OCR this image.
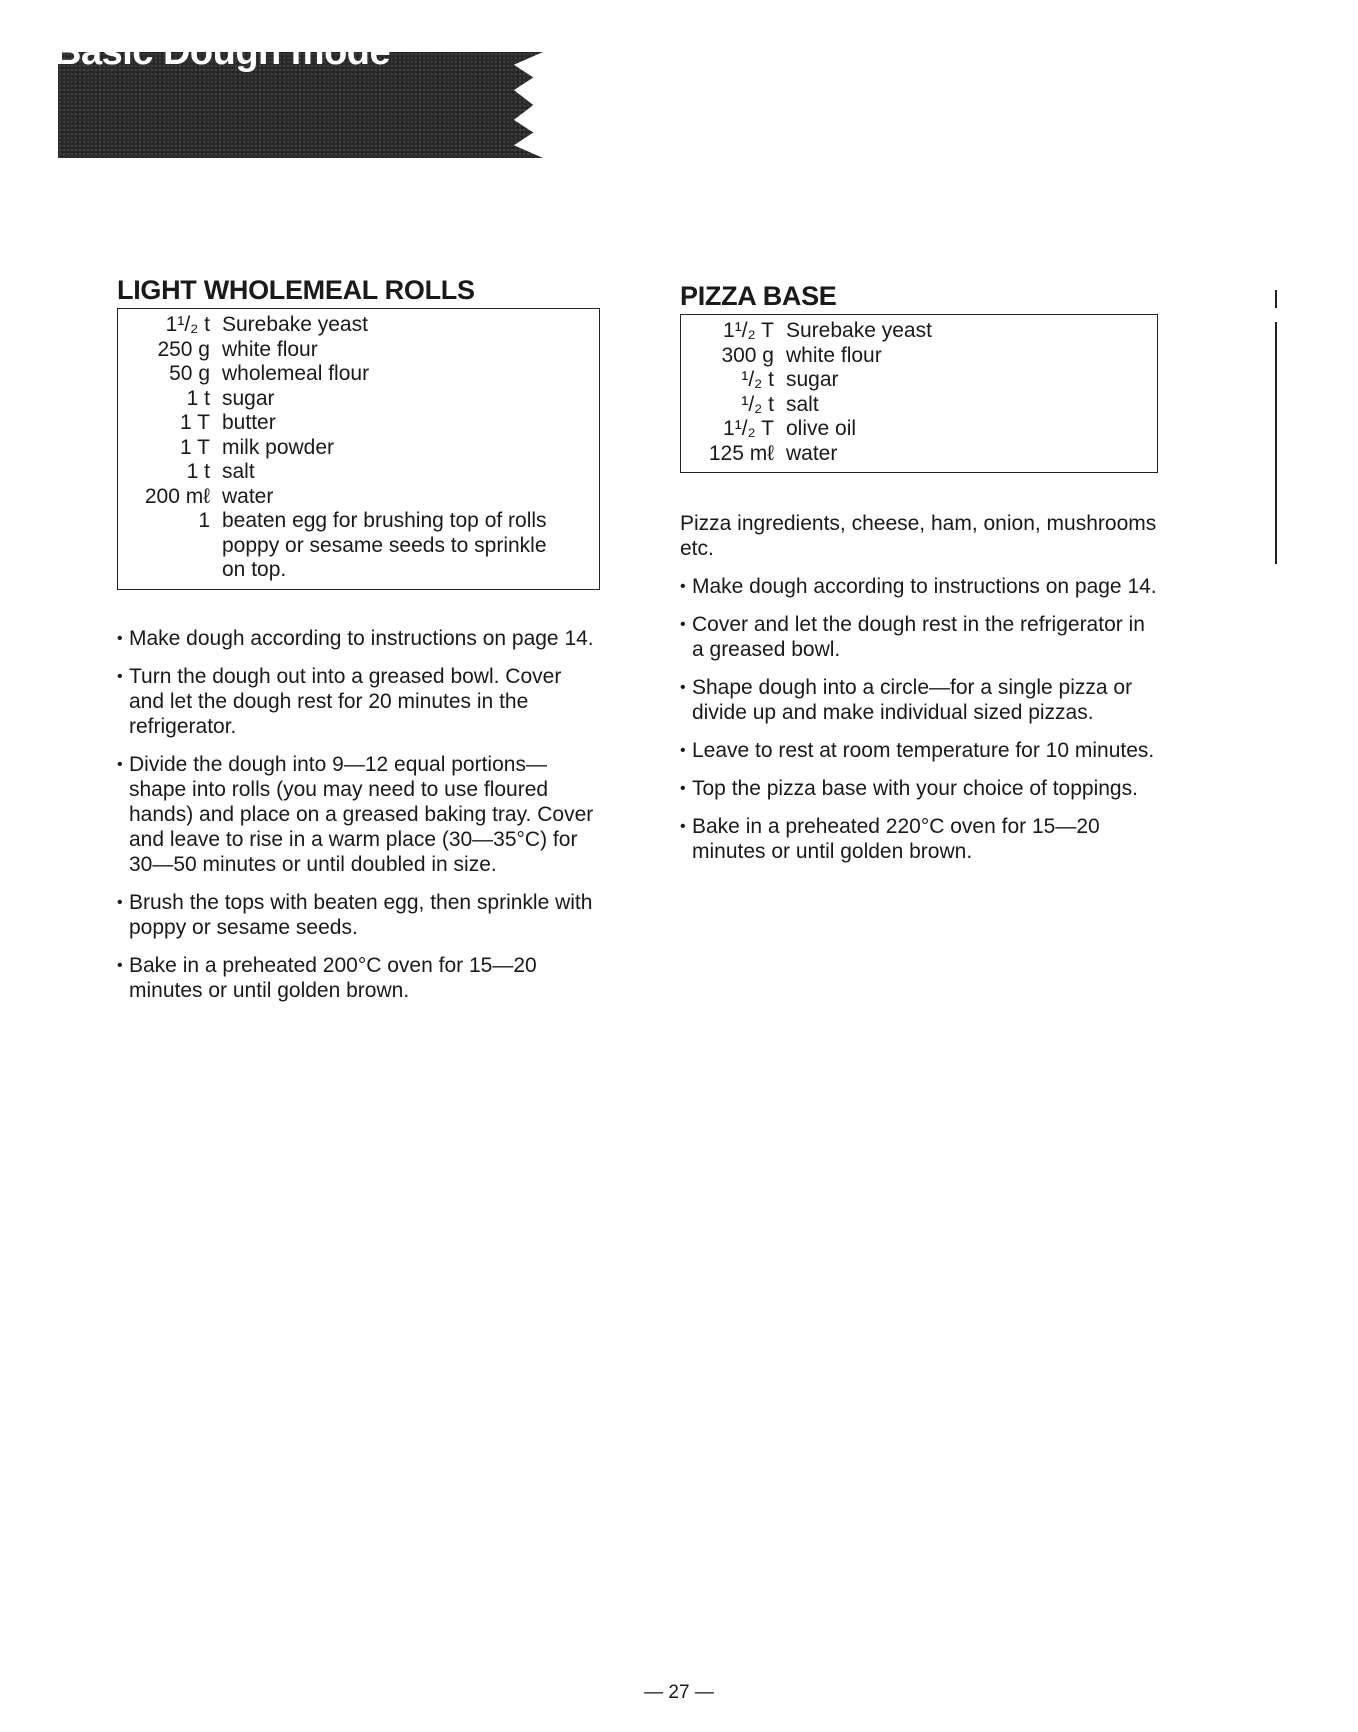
Basic Dough mode
LIGHT WHOLEMEAL ROLLS
1¹/₂ t Surebake yeast
250 g white flour
50 g wholemeal flour
1 t sugar
1 T butter
1 T milk powder
1 t salt
200 mℓ water
1 beaten egg for brushing top of rolls
poppy or sesame seeds to sprinkle
on top.
• Make dough according to instructions on page 14.
• Turn the dough out into a greased bowl. Cover and let the dough rest for 20 minutes in the refrigerator.
• Divide the dough into 9—12 equal portions—shape into rolls (you may need to use floured hands) and place on a greased baking tray. Cover and leave to rise in a warm place (30—35°C) for 30—50 minutes or until doubled in size.
• Brush the tops with beaten egg, then sprinkle with poppy or sesame seeds.
• Bake in a preheated 200°C oven for 15—20 minutes or until golden brown.
PIZZA BASE
1¹/₂ T Surebake yeast
300 g white flour
¹/₂ t sugar
¹/₂ t salt
1¹/₂ T olive oil
125 mℓ water

Pizza ingredients, cheese, ham, onion, mushrooms etc.

• Make dough according to instructions on page 14.
• Cover and let the dough rest in the refrigerator in a greased bowl.
• Shape dough into a circle—for a single pizza or divide up and make individual sized pizzas.
• Leave to rest at room temperature for 10 minutes.
• Top the pizza base with your choice of toppings.
• Bake in a preheated 220°C oven for 15—20 minutes or until golden brown.
— 27 —
